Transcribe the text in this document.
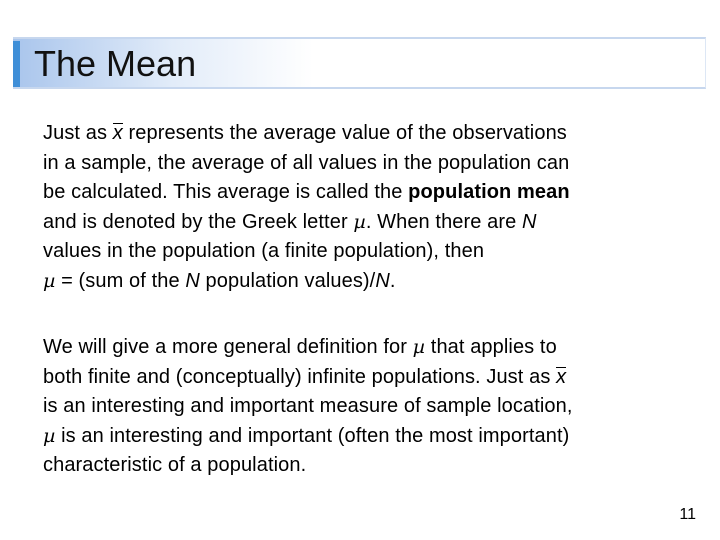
The Mean
Just as x represents the average value of the observations
in a sample, the average of all values in the population can
be calculated. This average is called the population mean
and is denoted by the Greek letter µ. When there are N
values in the population (a finite population), then
µ = (sum of the N population values)/N.
We will give a more general definition for µ that applies to
both finite and (conceptually) infinite populations. Just as x
is an interesting and important measure of sample location,
µ is an interesting and important (often the most important)
characteristic of a population.
11
